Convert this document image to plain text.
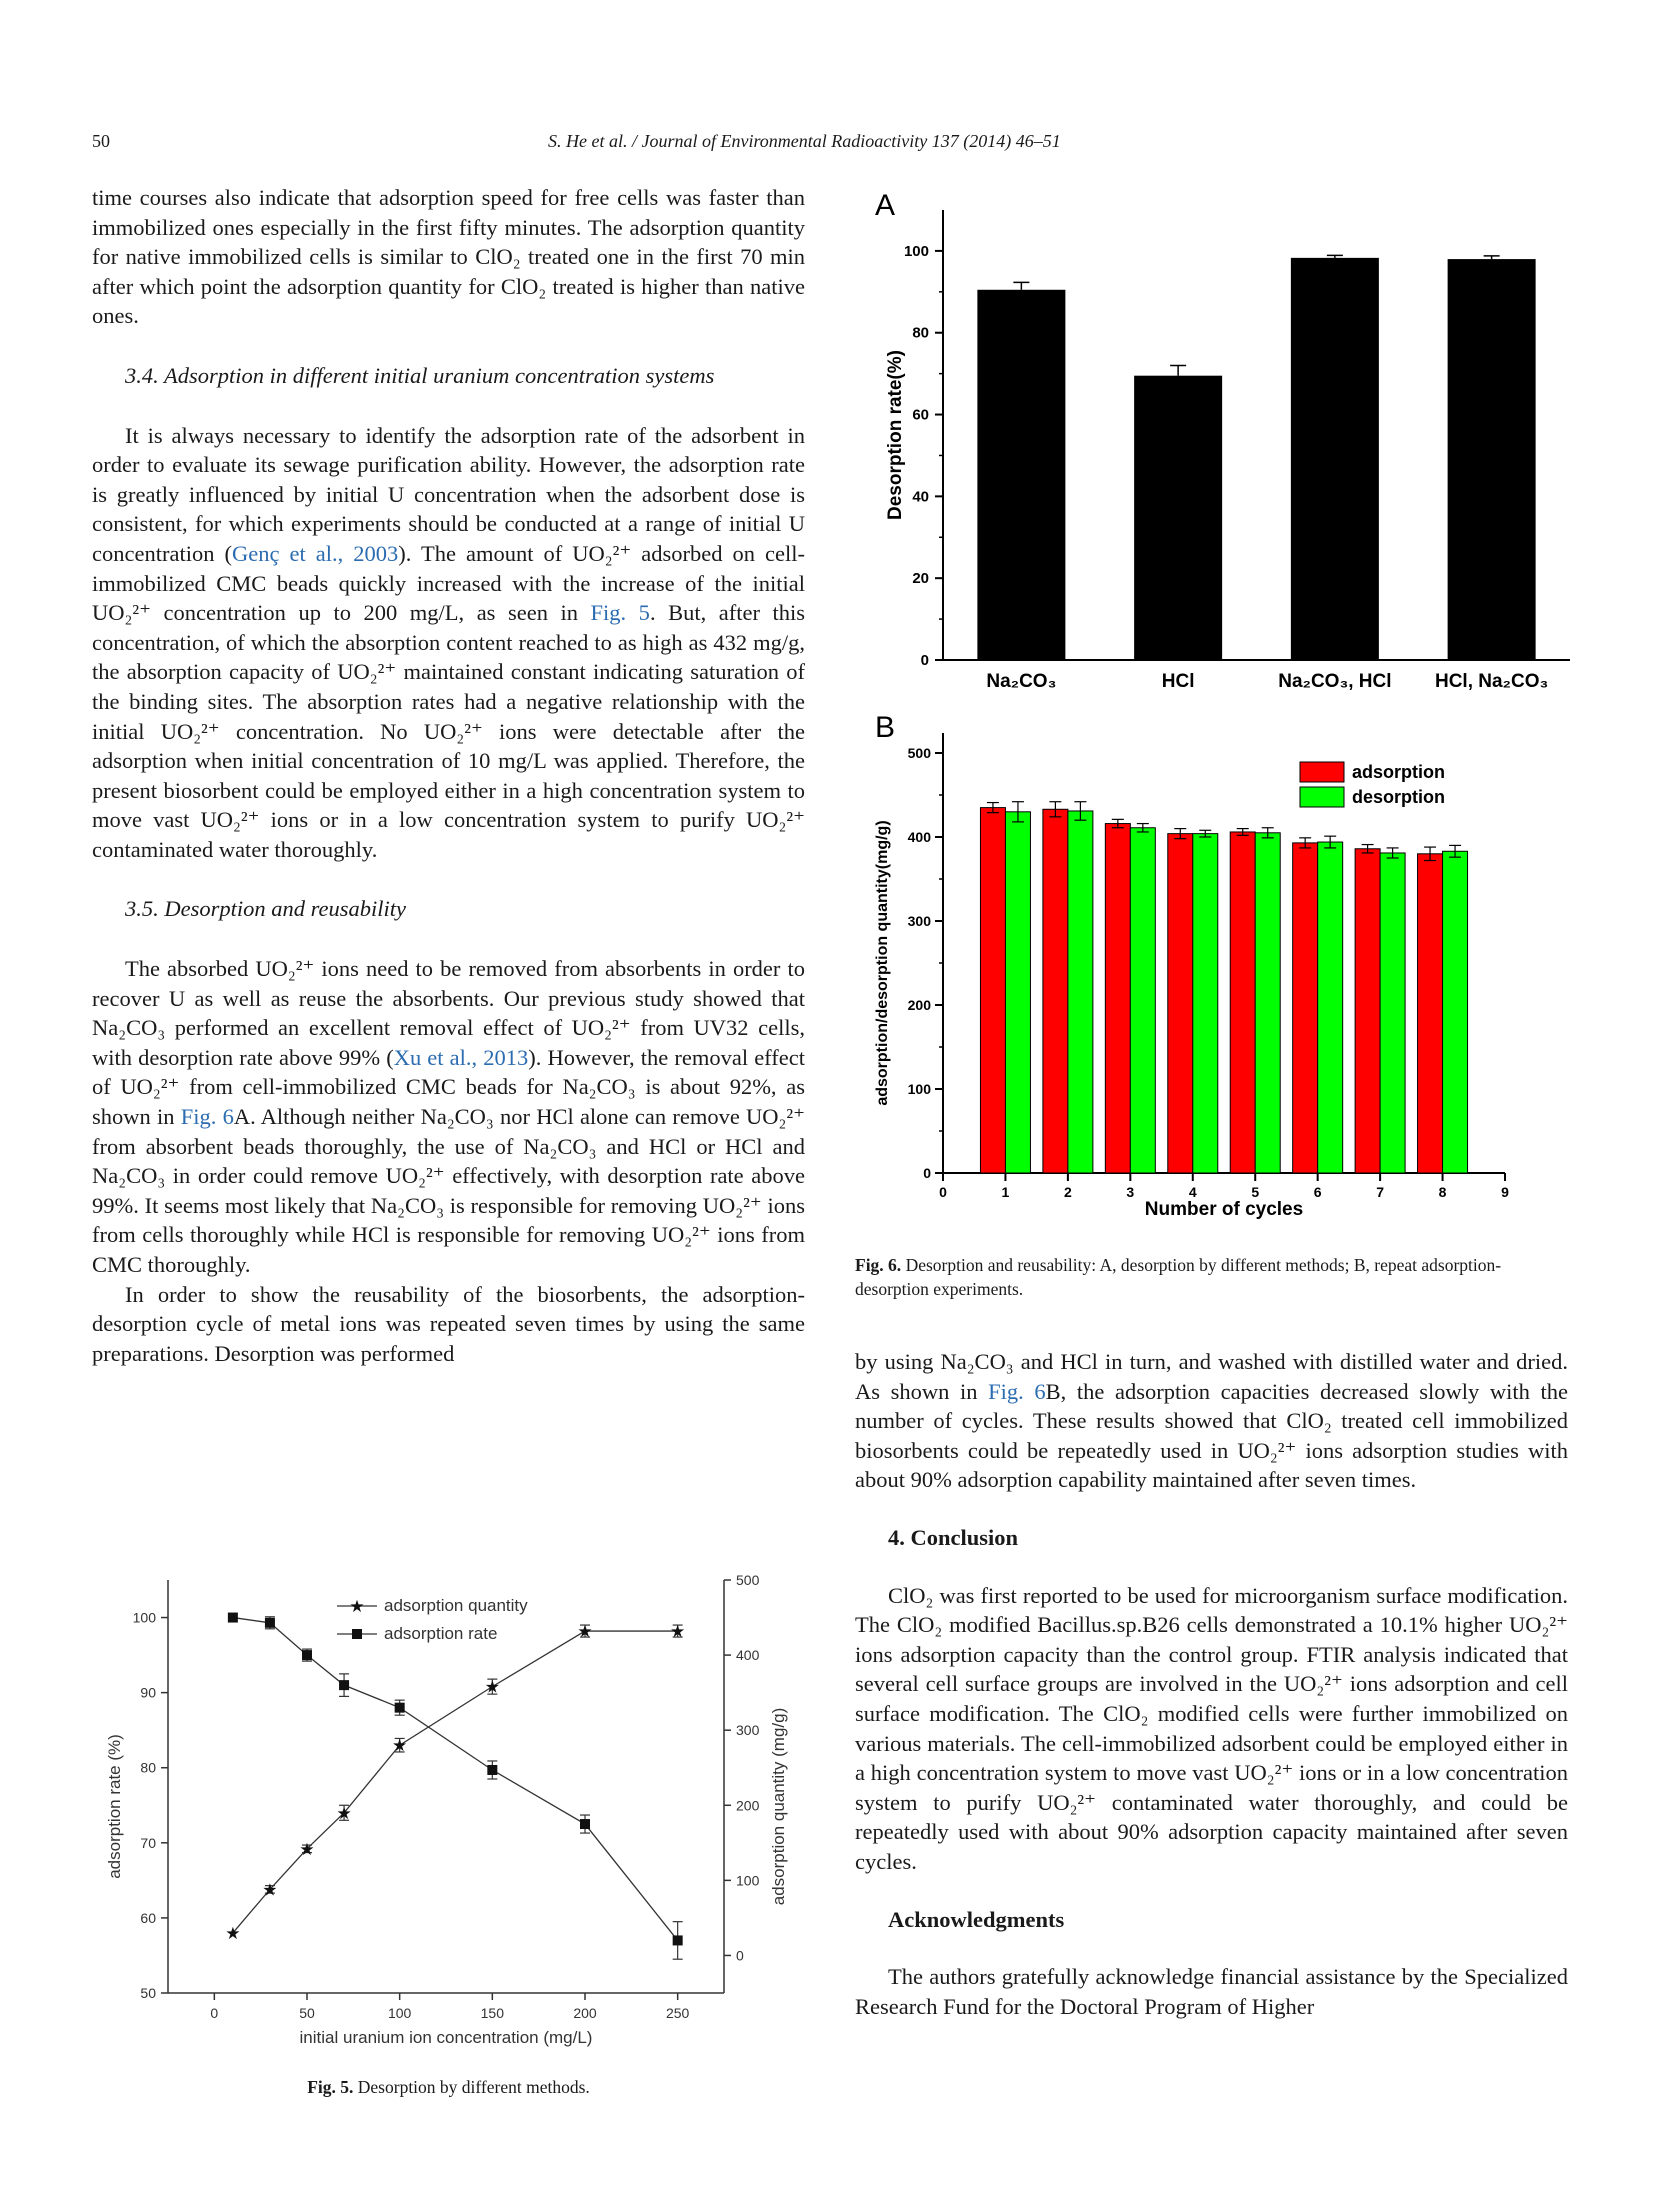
50	S. He et al. / Journal of Environmental Radioactivity 137 (2014) 46–51

time courses also indicate that adsorption speed for free cells was faster than immobilized ones especially in the first fifty minutes. The adsorption quantity for native immobilized cells is similar to ClO₂ treated one in the first 70 min after which point the adsorption quantity for ClO₂ treated is higher than native ones.

3.4. Adsorption in different initial uranium concentration systems

It is always necessary to identify the adsorption rate of the adsorbent in order to evaluate its sewage purification ability. However, the adsorption rate is greatly influenced by initial U concentration when the adsorbent dose is consistent, for which experiments should be conducted at a range of initial U concentration (Genç et al., 2003). The amount of UO₂²⁺ adsorbed on cell-immobilized CMC beads quickly increased with the increase of the initial UO₂²⁺ concentration up to 200 mg/L, as seen in Fig. 5. But, after this concentration, of which the absorption content reached to as high as 432 mg/g, the absorption capacity of UO₂²⁺ maintained constant indicating saturation of the binding sites. The absorption rates had a negative relationship with the initial UO₂²⁺ concentration. No UO₂²⁺ ions were detectable after the adsorption when initial concentration of 10 mg/L was applied. Therefore, the present biosorbent could be employed either in a high concentration system to move vast UO₂²⁺ ions or in a low concentration system to purify UO₂²⁺ contaminated water thoroughly.

3.5. Desorption and reusability

The absorbed UO₂²⁺ ions need to be removed from absorbents in order to recover U as well as reuse the absorbents. Our previous study showed that Na₂CO₃ performed an excellent removal effect of UO₂²⁺ from UV32 cells, with desorption rate above 99% (Xu et al., 2013). However, the removal effect of UO₂²⁺ from cell-immobilized CMC beads for Na₂CO₃ is about 92%, as shown in Fig. 6A. Although neither Na₂CO₃ nor HCl alone can remove UO₂²⁺ from absorbent beads thoroughly, the use of Na₂CO₃ and HCl or HCl and Na₂CO₃ in order could remove UO₂²⁺ effectively, with desorption rate above 99%. It seems most likely that Na₂CO₃ is responsible for removing UO₂²⁺ ions from cells thoroughly while HCl is responsible for removing UO₂²⁺ ions from CMC thoroughly.

In order to show the reusability of the biosorbents, the adsorption-desorption cycle of metal ions was repeated seven times by using the same preparations. Desorption was performed

A
0
20
40
60
80
100
Na₂CO₃	HCl	Na₂CO₃, HCl HCl, Na₂CO₃
Desorption rate(%)
B
0
100
200
300
400
500
0	1	2	3	4	5	6	7	8	9
adsorption
desorption
Number of cycles
adsorption/desorption quantity(mg/g)
Fig. 6. Desorption and reusability: A, desorption by different methods; B, repeat adsorption-desorption experiments.

by using Na₂CO₃ and HCl in turn, and washed with distilled water and dried. As shown in Fig. 6B, the adsorption capacities decreased slowly with the number of cycles. These results showed that ClO₂ treated cell immobilized biosorbents could be repeatedly used in UO₂²⁺ ions adsorption studies with about 90% adsorption capability maintained after seven times.

4. Conclusion

ClO₂ was first reported to be used for microorganism surface modification. The ClO₂ modified Bacillus.sp.B26 cells demonstrated a 10.1% higher UO₂²⁺ ions adsorption capacity than the control group. FTIR analysis indicated that several cell surface groups are involved in the UO₂²⁺ ions adsorption and cell surface modification. The ClO₂ modified cells were further immobilized on various materials. The cell-immobilized adsorbent could be employed either in a high concentration system to move vast UO₂²⁺ ions or in a low concentration system to purify UO₂²⁺ contaminated water thoroughly, and could be repeatedly used with about 90% adsorption capacity maintained after seven cycles.

Acknowledgments

The authors gratefully acknowledge financial assistance by the Specialized Research Fund for the Doctoral Program of Higher

50
60
70
80
90
100
0
100
200
300
400
500
0	50	100	150	200	250
★
★
★
★
★
★
★	★
★ adsorption quantity
adsorption rate
initial uranium ion concentration (mg/L)
adsorption rate (%)	adsorption quantity (mg/g)
Fig. 5. Desorption by different methods.
